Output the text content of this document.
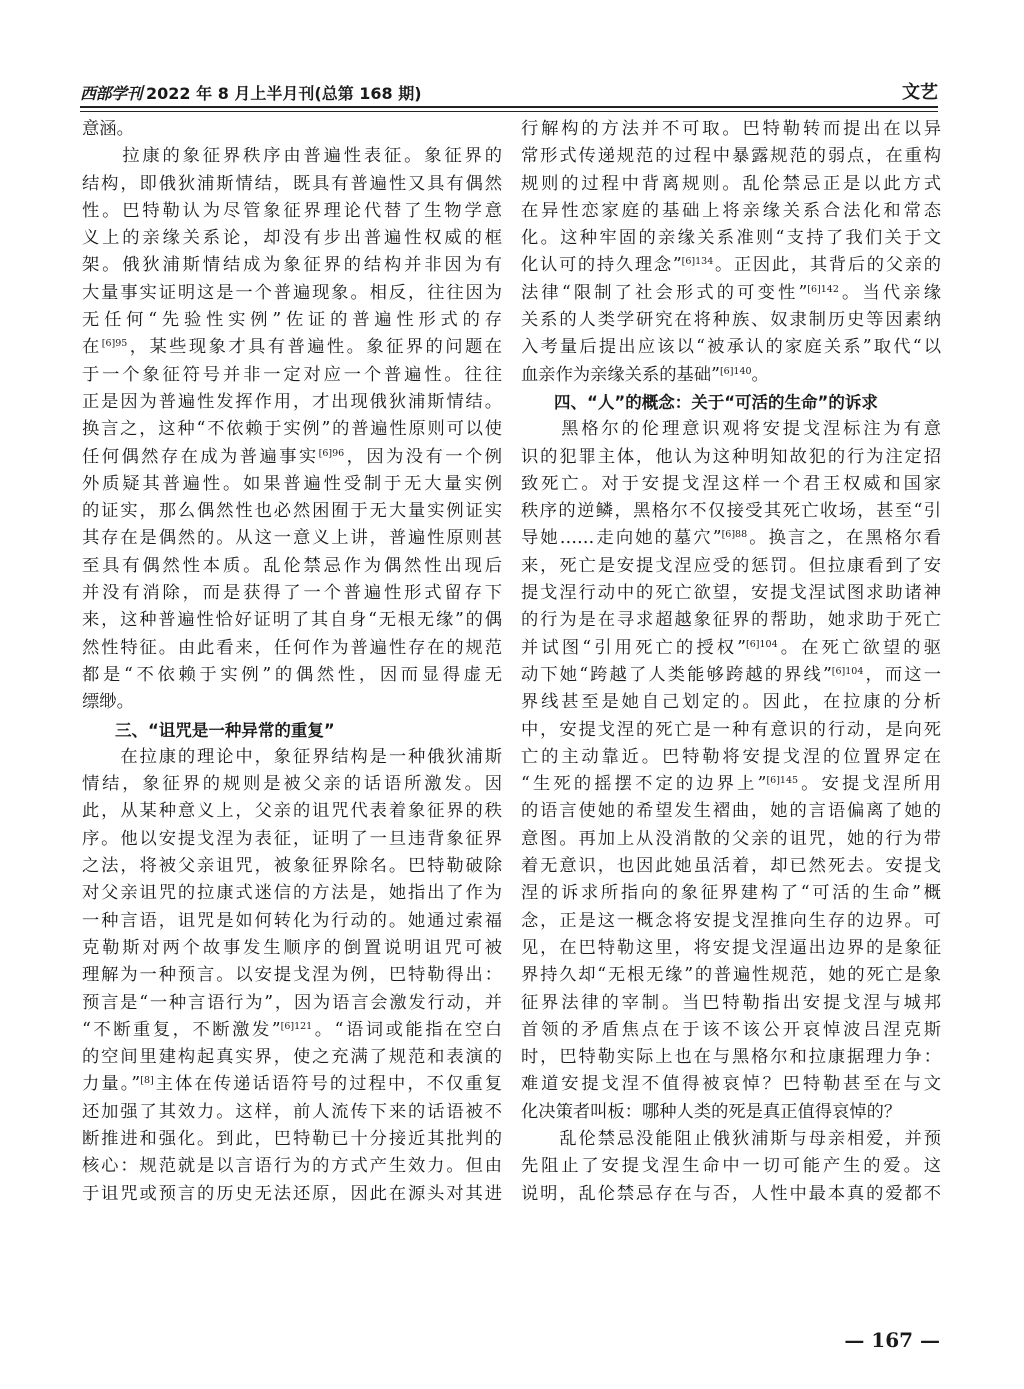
西部学刊 2022 年 8 月上半月刊(总第 168 期)	文艺
意涵。
　　拉康的象征界秩序由普遍性表征。象征界的
结构，即俄狄浦斯情结，既具有普遍性又具有偶然
性。巴特勒认为尽管象征界理论代替了生物学意
义上的亲缘关系论，却没有步出普遍性权威的框
架。俄狄浦斯情结成为象征界的结构并非因为有
大量事实证明这是一个普遍现象。相反，往往因为
无任何“先验性实例”佐证的普遍性形式的存
在$^{[6]95}$，某些现象才具有普遍性。象征界的问题在
于一个象征符号并非一定对应一个普遍性。往往
正是因为普遍性发挥作用，才出现俄狄浦斯情结。
换言之，这种“不依赖于实例”的普遍性原则可以使
任何偶然存在成为普遍事实$^{[6]96}$，因为没有一个例
外质疑其普遍性。如果普遍性受制于无大量实例
的证实，那么偶然性也必然困囿于无大量实例证实
其存在是偶然的。从这一意义上讲，普遍性原则甚
至具有偶然性本质。乱伦禁忌作为偶然性出现后
并没有消除，而是获得了一个普遍性形式留存下
来，这种普遍性恰好证明了其自身“无根无缘”的偶
然性特征。由此看来，任何作为普遍性存在的规范
都是“不依赖于实例”的偶然性，因而显得虚无
缥缈。
　　三、“诅咒是一种异常的重复”
　　在拉康的理论中，象征界结构是一种俄狄浦斯
情结，象征界的规则是被父亲的话语所激发。因
此，从某种意义上，父亲的诅咒代表着象征界的秩
序。他以安提戈涅为表征，证明了一旦违背象征界
之法，将被父亲诅咒，被象征界除名。巴特勒破除
对父亲诅咒的拉康式迷信的方法是，她指出了作为
一种言语，诅咒是如何转化为行动的。她通过索福
克勒斯对两个故事发生顺序的倒置说明诅咒可被
理解为一种预言。以安提戈涅为例，巴特勒得出：
预言是“一种言语行为”，因为语言会激发行动，并
“不断重复，不断激发”$^{[6]121}$。“语词或能指在空白
的空间里建构起真实界，使之充满了规范和表演的
力量。”[8]主体在传递话语符号的过程中，不仅重复
还加强了其效力。这样，前人流传下来的话语被不
断推进和强化。到此，巴特勒已十分接近其批判的
核心：规范就是以言语行为的方式产生效力。但由
于诅咒或预言的历史无法还原，因此在源头对其进
行解构的方法并不可取。巴特勒转而提出在以异
常形式传递规范的过程中暴露规范的弱点，在重构
规则的过程中背离规则。乱伦禁忌正是以此方式
在异性恋家庭的基础上将亲缘关系合法化和常态
化。这种牢固的亲缘关系准则“支持了我们关于文
化认可的持久理念”$^{[6]134}$。正因此，其背后的父亲的
法律“限制了社会形式的可变性”$^{[6]142}$。当代亲缘
关系的人类学研究在将种族、奴隶制历史等因素纳
入考量后提出应该以“被承认的家庭关系”取代“以
血亲作为亲缘关系的基础”$^{[6]140}$。
　　四、“人”的概念：关于“可活的生命”的诉求
　　黑格尔的伦理意识观将安提戈涅标注为有意
识的犯罪主体，他认为这种明知故犯的行为注定招
致死亡。对于安提戈涅这样一个君王权威和国家
秩序的逆鳞，黑格尔不仅接受其死亡收场，甚至“引
导她……走向她的墓穴”$^{[6]88}$。换言之，在黑格尔看
来，死亡是安提戈涅应受的惩罚。但拉康看到了安
提戈涅行动中的死亡欲望，安提戈涅试图求助诸神
的行为是在寻求超越象征界的帮助，她求助于死亡
并试图“引用死亡的授权”$^{[6]104}$。在死亡欲望的驱
动下她“跨越了人类能够跨越的界线”$^{[6]104}$，而这一
界线甚至是她自己划定的。因此，在拉康的分析
中，安提戈涅的死亡是一种有意识的行动，是向死
亡的主动靠近。巴特勒将安提戈涅的位置界定在
“生死的摇摆不定的边界上”$^{[6]145}$。安提戈涅所用
的语言使她的希望发生褶曲，她的言语偏离了她的
意图。再加上从没消散的父亲的诅咒，她的行为带
着无意识，也因此她虽活着，却已然死去。安提戈
涅的诉求所指向的象征界建构了“可活的生命”概
念，正是这一概念将安提戈涅推向生存的边界。可
见，在巴特勒这里，将安提戈涅逼出边界的是象征
界持久却“无根无缘”的普遍性规范，她的死亡是象
征界法律的宰制。当巴特勒指出安提戈涅与城邦
首领的矛盾焦点在于该不该公开哀悼波吕涅克斯
时，巴特勒实际上也在与黑格尔和拉康据理力争：
难道安提戈涅不值得被哀悼？巴特勒甚至在与文
化决策者叫板：哪种人类的死是真正值得哀悼的？
　　乱伦禁忌没能阻止俄狄浦斯与母亲相爱，并预
先阻止了安提戈涅生命中一切可能产生的爱。这
说明，乱伦禁忌存在与否，人性中最本真的爱都不
— 167 —
